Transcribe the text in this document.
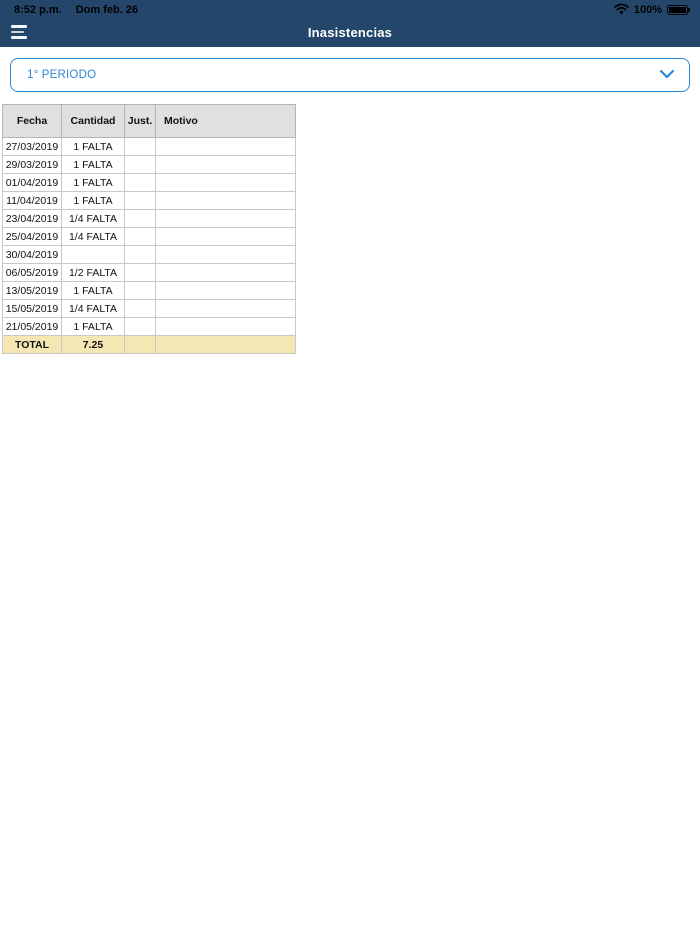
8:52 p.m. Dom feb. 26	100%
Inasistencias
1° PERIODO
Fecha	Cantidad	Just.	Motivo
27/03/2019	1 FALTA		
29/03/2019	1 FALTA		
01/04/2019	1 FALTA		
11/04/2019	1 FALTA		
23/04/2019	1/4 FALTA		
25/04/2019	1/4 FALTA		
30/04/2019			
06/05/2019	1/2 FALTA		
13/05/2019	1 FALTA		
15/05/2019	1/4 FALTA		
21/05/2019	1 FALTA		
TOTAL	7.25		
